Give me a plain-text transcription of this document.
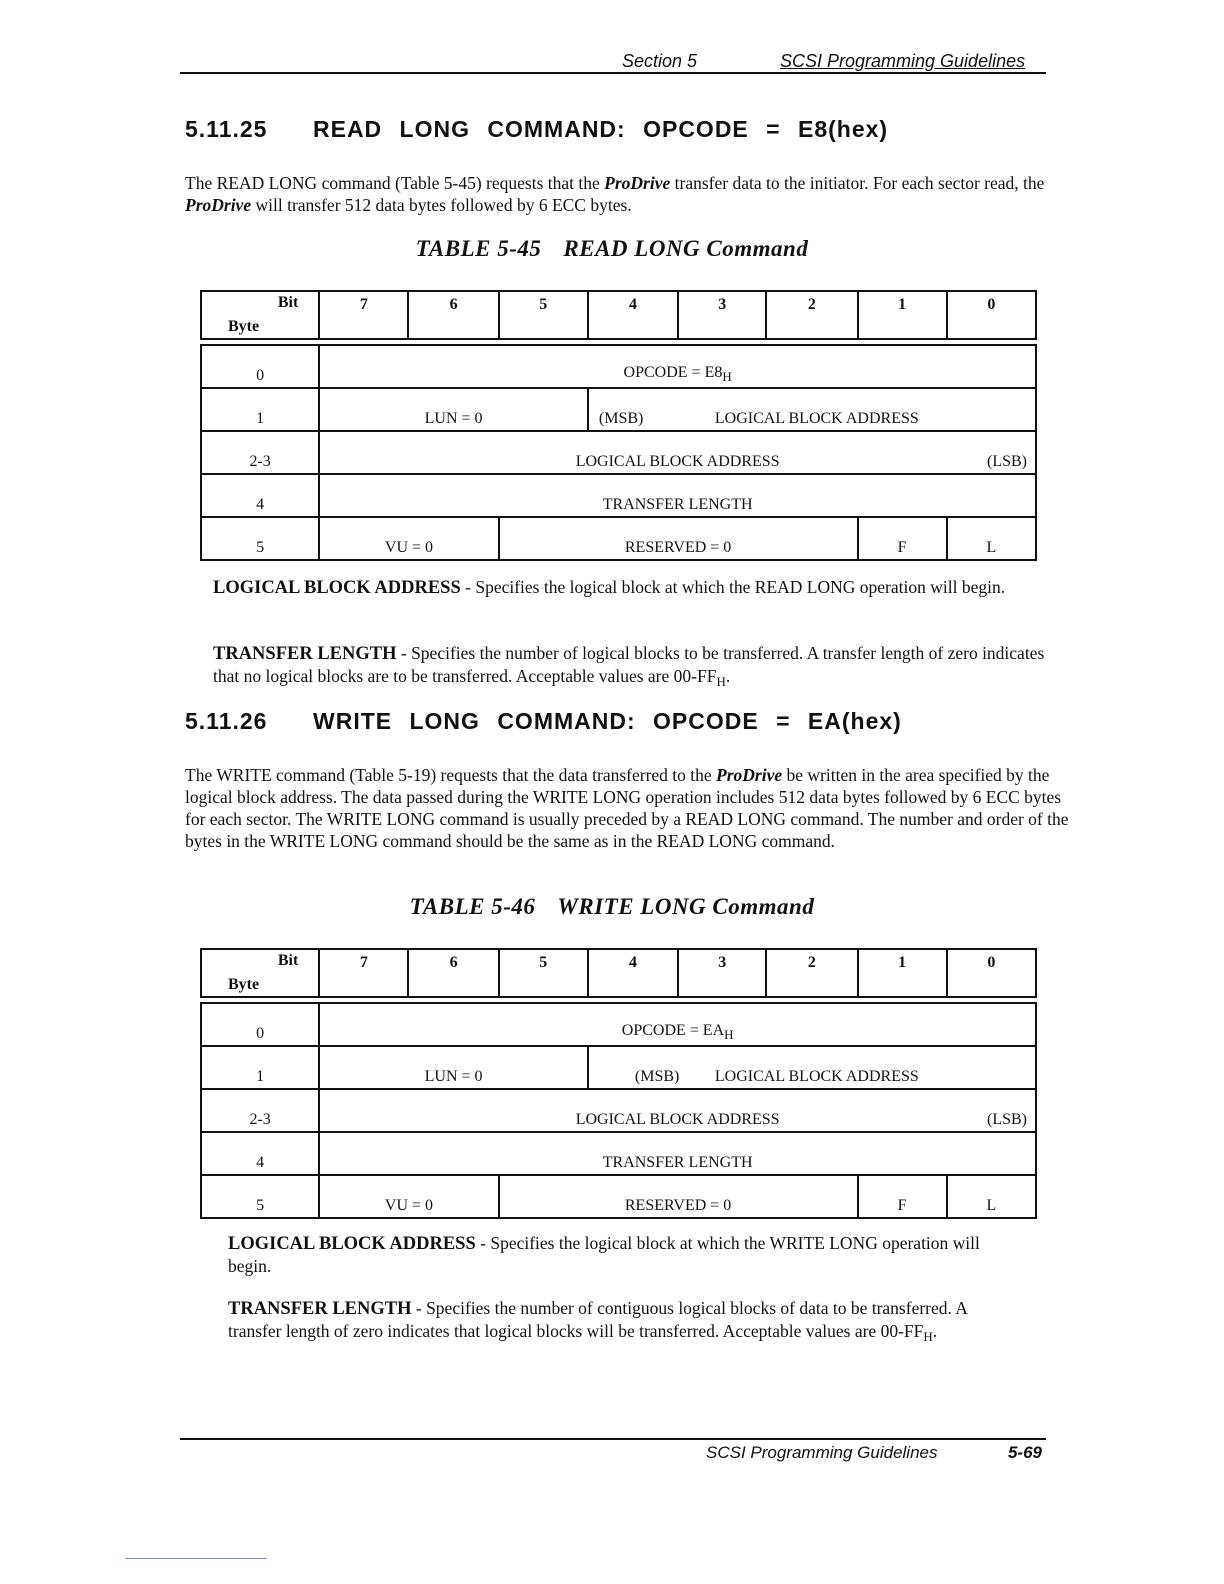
Section 5	SCSI Programming Guidelines
5.11.25 READ LONG COMMAND: OPCODE = E8(hex)

The READ LONG command (Table 5-45) requests that the ProDrive transfer data to the initiator. For each sector read, the ProDrive will transfer 512 data bytes followed by 6 ECC bytes.

TABLE 5-45 READ LONG Command
Bit
Byte	7	6	5	4	3	2	1	0

0	OPCODE = $E8_H$
1	LUN = 0			(MSB) LOGICAL BLOCK ADDRESS				

2-3	LOGICAL BLOCK ADDRESS (LSB)							

4	TRANSFER LENGTH							
5	VU = 0		RESERVED = 0				F	L

LOGICAL BLOCK ADDRESS - Specifies the logical block at which the READ LONG operation will begin.

TRANSFER LENGTH - Specifies the number of logical blocks to be transferred. A transfer length of zero indicates that no logical blocks are to be transferred. Acceptable values are $00-FF_H$.

5.11.26 WRITE LONG COMMAND: OPCODE = EA(hex)

The WRITE command (Table 5-19) requests that the data transferred to the ProDrive be written in the area specified by the logical block address. The data passed during the WRITE LONG operation includes 512 data bytes followed by 6 ECC bytes for each sector. The WRITE LONG command is usually preceded by a READ LONG command. The number and order of the bytes in the WRITE LONG command should be the same as in the READ LONG command.

TABLE 5-46 WRITE LONG Command
Bit
Byte	7	6	5	4	3	2	1	0

0	OPCODE = $EA_H$
1	LUN = 0			(MSB) LOGICAL BLOCK ADDRESS				

2-3	LOGICAL BLOCK ADDRESS (LSB)							

4	TRANSFER LENGTH							
5	VU = 0		RESERVED = 0				F	L

LOGICAL BLOCK ADDRESS - Specifies the logical block at which the WRITE LONG operation will begin.

TRANSFER LENGTH - Specifies the number of contiguous logical blocks of data to be transferred. A transfer length of zero indicates that logical blocks will be transferred. Acceptable values are $00-FF_H$.

SCSI Programming Guidelines	5-69
